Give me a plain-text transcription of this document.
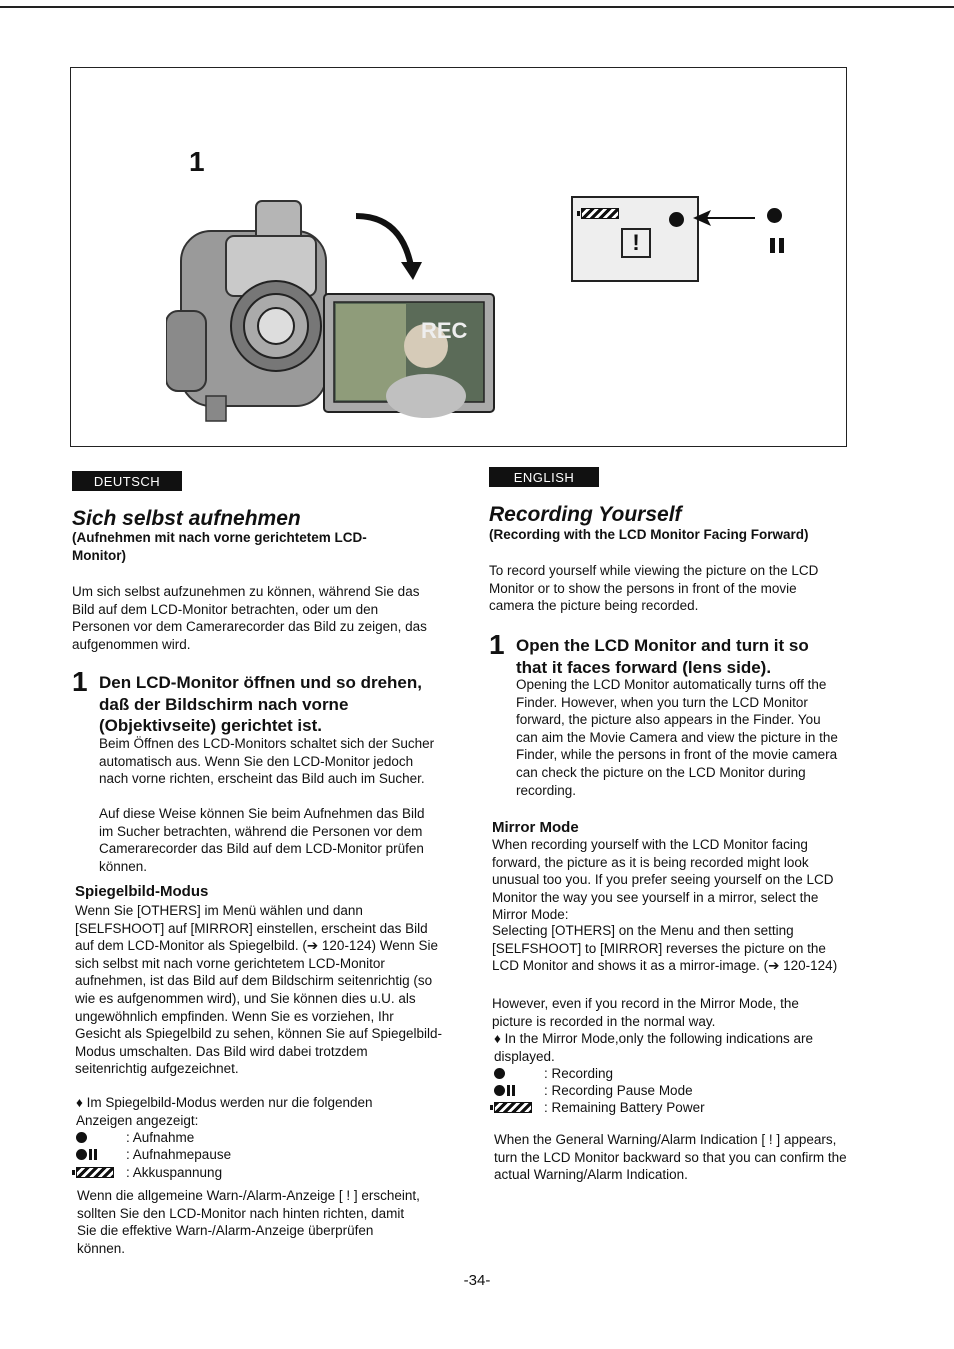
1
REC
!
DEUTSCH
Sich selbst aufnehmen

(Aufnehmen mit nach vorne gerichtetem LCD-Monitor)

Um sich selbst aufzunehmen zu können, während Sie das Bild auf dem LCD-Monitor betrachten, oder um den Personen vor dem Camerarecorder das Bild zu zeigen, das aufgenommen wird.

1 Den LCD-Monitor öffnen und so drehen, daß der Bildschirm nach vorne (Objektivseite) gerichtet ist.

Beim Öffnen des LCD-Monitors schaltet sich der Sucher automatisch aus. Wenn Sie den LCD-Monitor jedoch nach vorne richten, erscheint das Bild auch im Sucher.

Auf diese Weise können Sie beim Aufnehmen das Bild im Sucher betrachten, während die Personen vor dem Camerarecorder das Bild auf dem LCD-Monitor prüfen können.

Spiegelbild-Modus

Wenn Sie [OTHERS] im Menü wählen und dann [SELFSHOOT] auf [MIRROR] einstellen, erscheint das Bild auf dem LCD-Monitor als Spiegelbild. (➔ 120-124) Wenn Sie sich selbst mit nach vorne gerichtetem LCD-Monitor aufnehmen, ist das Bild auf dem Bildschirm seitenrichtig (so wie es aufgenommen wird), und Sie können dies u.U. als ungewöhnlich empfinden. Wenn Sie es vorziehen, Ihr Gesicht als Spiegelbild zu sehen, können Sie auf Spiegelbild-Modus umschalten. Das Bild wird dabei trotzdem seitenrichtig aufgezeichnet.

♦ Im Spiegelbild-Modus werden nur die folgenden Anzeigen angezeigt:

: Aufnahme
: Aufnahmepause
: Akkuspannung

Wenn die allgemeine Warn-/Alarm-Anzeige [ ! ] erscheint, sollten Sie den LCD-Monitor nach hinten richten, damit Sie die effektive Warn-/Alarm-Anzeige überprüfen können.

ENGLISH
Recording Yourself

(Recording with the LCD Monitor Facing Forward)

To record yourself while viewing the picture on the LCD Monitor or to show the persons in front of the movie camera the picture being recorded.

1 Open the LCD Monitor and turn it so that it faces forward (lens side).

Opening the LCD Monitor automatically turns off the Finder. However, when you turn the LCD Monitor forward, the picture also appears in the Finder. You can aim the Movie Camera and view the picture in the Finder, while the persons in front of the movie camera can check the picture on the LCD Monitor during recording.

Mirror Mode

When recording yourself with the LCD Monitor facing forward, the picture as it is being recorded might look unusual too you. If you prefer seeing yourself on the LCD Monitor the way you see yourself in a mirror, select the Mirror Mode:

Selecting [OTHERS] on the Menu and then setting [SELFSHOOT] to [MIRROR] reverses the picture on the LCD Monitor and shows it as a mirror-image. (➔ 120-124)

However, even if you record in the Mirror Mode, the picture is recorded in the normal way.

♦ In the Mirror Mode,only the following indications are displayed.

: Recording
: Recording Pause Mode
: Remaining Battery Power

When the General Warning/Alarm Indication [ ! ] appears, turn the LCD Monitor backward so that you can confirm the actual Warning/Alarm Indication.

-34-
